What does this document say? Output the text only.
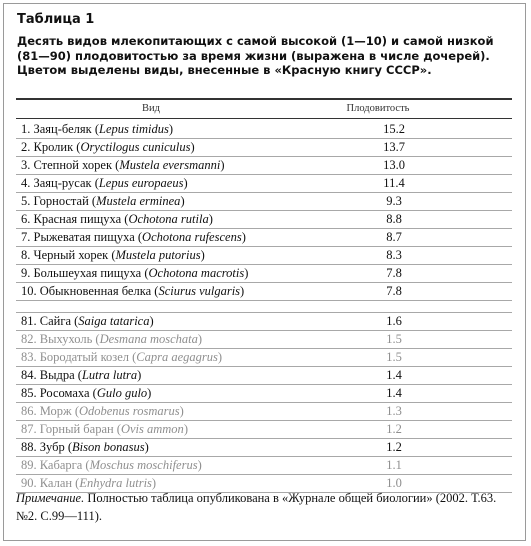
Таблица 1
Десять видов млекопитающих с самой высокой (1—10) и самой низкой (81—90) плодовитостью за время жизни (выражена в числе дочерей). Цветом выделены виды, внесенные в «Красную книгу СССР».
Вид	Плодовитость
1. Заяц-беляк (Lepus timidus)	15.2
2. Кролик (Oryctilogus cuniculus)	13.7
3. Степной хорек (Mustela eversmanni)	13.0
4. Заяц-русак (Lepus europaeus)	11.4
5. Горностай (Mustela erminea)	9.3
6. Красная пищуха (Ochotona rutila)	8.8
7. Рыжеватая пищуха (Ochotona rufescens)	8.7
8. Черный хорек (Mustela putorius)	8.3
9. Большеухая пищуха (Ochotona macrotis)	7.8
10. Обыкновенная белка (Sciurus vulgaris)	7.8
81. Сайга (Saiga tatarica)	1.6
82. Выхухоль (Desmana moschata)	1.5
83. Бородатый козел (Capra aegagrus)	1.5
84. Выдра (Lutra lutra)	1.4
85. Росомаха (Gulo gulo)	1.4
86. Морж (Odobenus rosmarus)	1.3
87. Горный баран (Ovis ammon)	1.2
88. Зубр (Bison bonasus)	1.2
89. Кабарга (Moschus moschiferus)	1.1
90. Калан (Enhydra lutris)	1.0
Примечание. Полностью таблица опубликована в «Журнале общей биологии» (2002. Т.63. №2. С.99—111).
